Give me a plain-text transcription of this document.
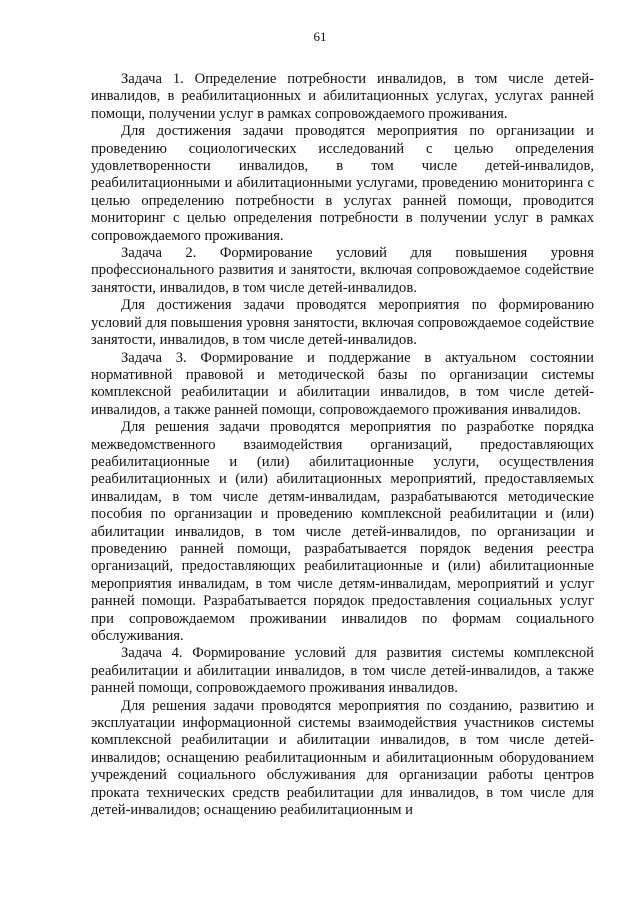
61

Задача 1. Определение потребности инвалидов, в том числе детей-инвалидов, в реабилитационных и абилитационных услугах, услугах ранней помощи, получении услуг в рамках сопровождаемого проживания.

Для достижения задачи проводятся мероприятия по организации и проведению социологических исследований с целью определения удовлетворенности инвалидов, в том числе детей-инвалидов, реабилитационными и абилитационными услугами, проведению мониторинга с целью определению потребности в услугах ранней помощи, проводится мониторинг с целью определения потребности в получении услуг в рамках сопровождаемого проживания.

Задача 2. Формирование условий для повышения уровня профессионального развития и занятости, включая сопровождаемое содействие занятости, инвалидов, в том числе детей-инвалидов.

Для достижения задачи проводятся мероприятия по формированию условий для повышения уровня занятости, включая сопровождаемое содействие занятости, инвалидов, в том числе детей-инвалидов.

Задача 3. Формирование и поддержание в актуальном состоянии нормативной правовой и методической базы по организации системы комплексной реабилитации и абилитации инвалидов, в том числе детей-инвалидов, а также ранней помощи, сопровождаемого проживания инвалидов.

Для решения задачи проводятся мероприятия по разработке порядка межведомственного взаимодействия организаций, предоставляющих реабилитационные и (или) абилитационные услуги, осуществления реабилитационных и (или) абилитационных мероприятий, предоставляемых инвалидам, в том числе детям-инвалидам, разрабатываются методические пособия по организации и проведению комплексной реабилитации и (или) абилитации инвалидов, в том числе детей-инвалидов, по организации и проведению ранней помощи, разрабатывается порядок ведения реестра организаций, предоставляющих реабилитационные и (или) абилитационные мероприятия инвалидам, в том числе детям-инвалидам, мероприятий и услуг ранней помощи. Разрабатывается порядок предоставления социальных услуг при сопровождаемом проживании инвалидов по формам социального обслуживания.

Задача 4. Формирование условий для развития системы комплексной реабилитации и абилитации инвалидов, в том числе детей-инвалидов, а также ранней помощи, сопровождаемого проживания инвалидов.

Для решения задачи проводятся мероприятия по созданию, развитию и эксплуатации информационной системы взаимодействия участников системы комплексной реабилитации и абилитации инвалидов, в том числе детей-инвалидов; оснащению реабилитационным и абилитационным оборудованием учреждений социального обслуживания для организации работы центров проката технических средств реабилитации для инвалидов, в том числе для детей-инвалидов; оснащению реабилитационным и
